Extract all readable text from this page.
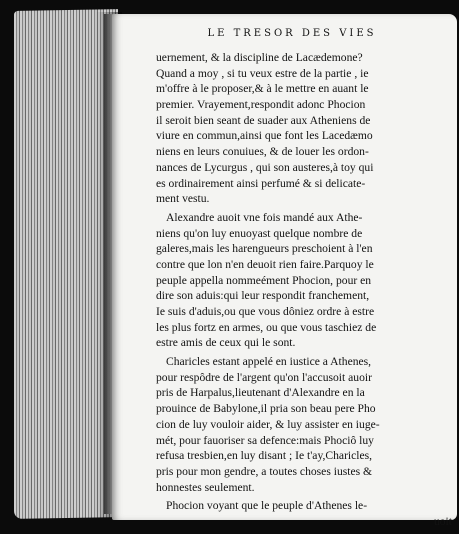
LE TRESOR DES VIES
uernement, & la discipline de Lacædemone?
Quand a moy , si tu veux estre de la partie , ie
m'offre à le proposer,& à le mettre en auant le
premier. Vrayement,respondit adonc Phocion
il seroit bien seant de suader aux Atheniens de
viure en commun,ainsi que font les Lacedæmo
niens en leurs conuiues, & de louer les ordon-
nances de Lycurgus , qui son austeres,à toy qui
es ordinairement ainsi perfumé & si delicate-
ment vestu.
Alexandre auoit vne fois mandé aux Athe-
niens qu'on luy enuoyast quelque nombre de
galeres,mais les harengueurs preschoient à l'en
contre que lon n'en deuoit rien faire.Parquoy le
peuple appella nommeément Phocion, pour en
dire son aduis:qui leur respondit franchement,
Ie suis d'aduis,ou que vous dôniez ordre à estre
les plus fortz en armes, ou que vous taschiez de
estre amis de ceux qui le sont.
Charicles estant appelé en iustice a Athenes,
pour respôdre de l'argent qu'on l'accusoit auoir
pris de Harpalus,lieutenant d'Alexandre en la
prouince de Babylone,il pria son beau pere Pho
cion de luy vouloir aider, & luy assister en iuge-
mét, pour fauoriser sa defence:mais Phociô luy
refusa tresbien,en luy disant ; Ie t'ay,Charicles,
pris pour mon gendre, a toutes choses iustes &
honnestes seulement.
Phocion voyant que le peuple d'Athenes le-
uoit
